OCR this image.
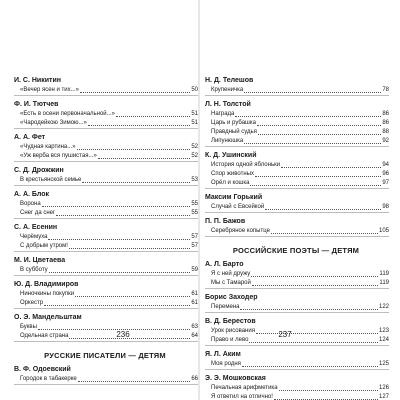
И. С. Никитин
«Вечер ясен и тих...»	50
Ф. И. Тютчев
«Есть в осени первоначальной...»	51
«Чародейкою Зимою...»	51
А. А. Фет
«Чудная картина...»	52
«Уж верба вся пушистая...»	52
С. Д. Дрожжин
В крестьянской семье	53
А. А. Блок
Ворона	55
Снег да снег	55
С. А. Есенин
Черёмуха	57
С добрым утром!	57
М. И. Цветаева
В субботу	59
Ю. Д. Владимиров
Ниночкины покупки	61
Оркестр	61
О. Э. Мандельштам
Буквы	63
Одельная страна	64
РУССКИЕ ПИСАТЕЛИ — ДЕТЯМ
В. Ф. Одоевский
Городок в табакерке	66
Н. Д. Телешов
Крупеничка	78
Л. Н. Толстой
Награда	86
Царь и рубашка	86
Правдный судья	88
Липунюшка	92
К. Д. Ушинский
История одной яблоньки	94
Спор животных	96
Орёл и кошка	97
Максим Горький
Случай с Евсейкой	98
П. П. Бажов
Серебряное копытце	105
РОССИЙСКИЕ ПОЭТЫ — ДЕТЯМ
А. Л. Барто
Я с ней дружу	119
Мы с Тамарой	119
Борис Заходер
Перемена	122
В. Д. Берестов
Урок рисования	123
Право и лево	124
Я. Л. Аким
Моя родня	125
Э. Э. Мошковская
Печальная арифметика	126
Я ответил на отлично!	127
236	237
